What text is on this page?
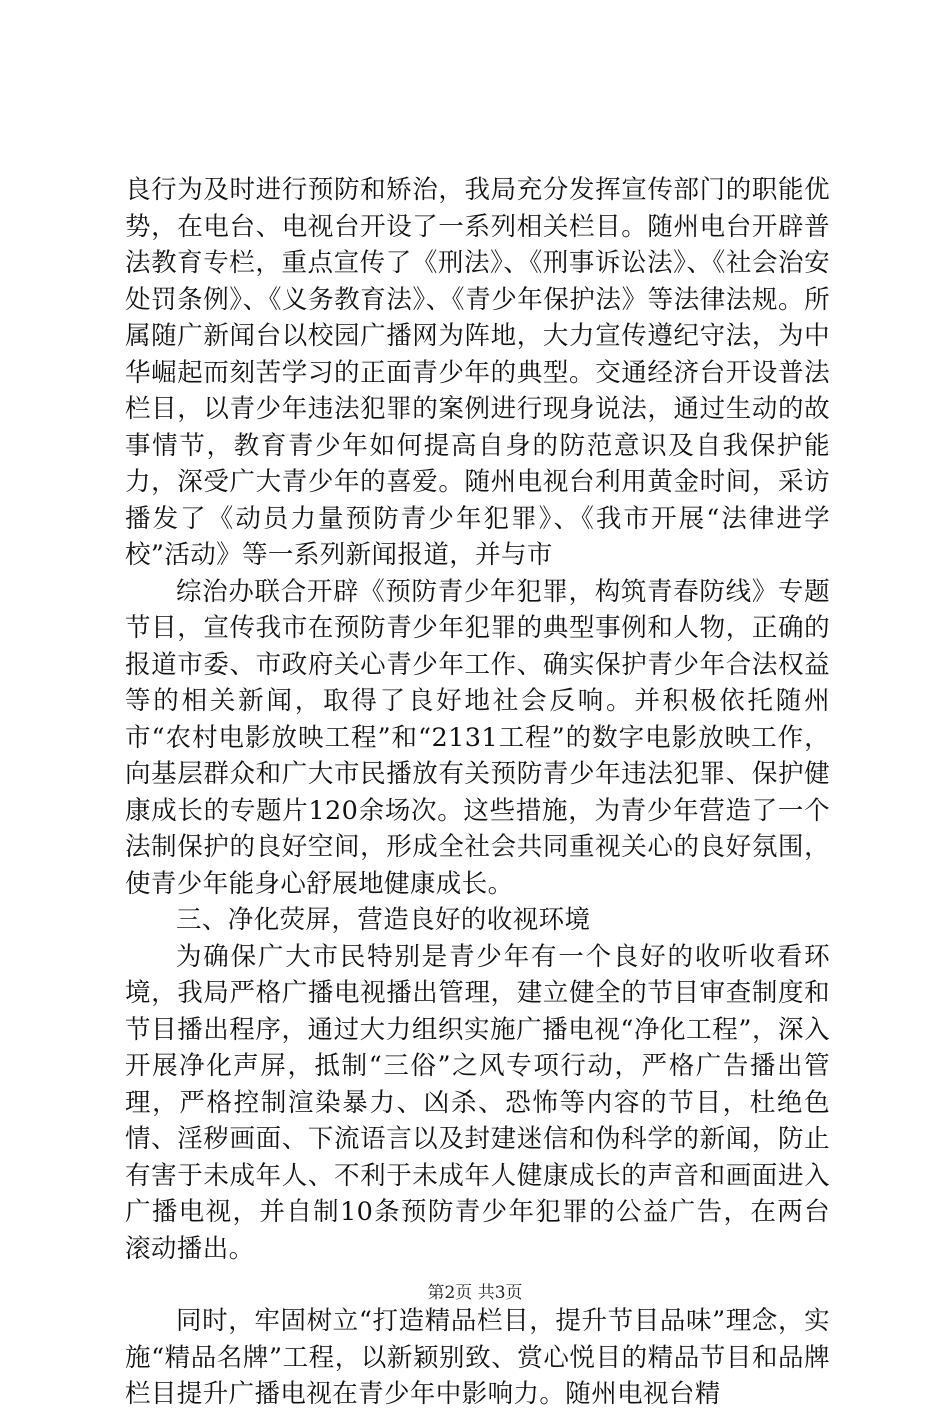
良行为及时进行预防和矫治，我局充分发挥宣传部门的职能优势，在电台、电视台开设了一系列相关栏目。随州电台开辟普法教育专栏，重点宣传了《刑法》、《刑事诉讼法》、《社会治安处罚条例》、《义务教育法》、《青少年保护法》等法律法规。所属随广新闻台以校园广播网为阵地，大力宣传遵纪守法，为中华崛起而刻苦学习的正面青少年的典型。交通经济台开设普法栏目，以青少年违法犯罪的案例进行现身说法，通过生动的故事情节，教育青少年如何提高自身的防范意识及自我保护能力，深受广大青少年的喜爱。随州电视台利用黄金时间，采访播发了《动员力量预防青少年犯罪》、《我市开展“法律进学校”活动》等一系列新闻报道，并与市

综治办联合开辟《预防青少年犯罪，构筑青春防线》专题节目，宣传我市在预防青少年犯罪的典型事例和人物，正确的报道市委、市政府关心青少年工作、确实保护青少年合法权益等的相关新闻，取得了良好地社会反响。并积极依托随州市“农村电影放映工程”和“2131工程”的数字电影放映工作，向基层群众和广大市民播放有关预防青少年违法犯罪、保护健康成长的专题片120余场次。这些措施，为青少年营造了一个法制保护的良好空间，形成全社会共同重视关心的良好氛围，使青少年能身心舒展地健康成长。

三、净化荧屏，营造良好的收视环境

为确保广大市民特别是青少年有一个良好的收听收看环境，我局严格广播电视播出管理，建立健全的节目审查制度和节目播出程序，通过大力组织实施广播电视“净化工程”，深入开展净化声屏，抵制“三俗”之风专项行动，严格广告播出管理，严格控制渲染暴力、凶杀、恐怖等内容的节目，杜绝色情、淫秽画面、下流语言以及封建迷信和伪科学的新闻，防止有害于未成年人、不利于未成年人健康成长的声音和画面进入广播电视，并自制10条预防青少年犯罪的公益广告，在两台滚动播出。

同时，牢固树立“打造精品栏目，提升节目品味”理念，实施“精品名牌”工程，以新颖别致、赏心悦目的精品节目和品牌栏目提升广播电视在青少年中影响力。随州电视台精

第2页 共3页
